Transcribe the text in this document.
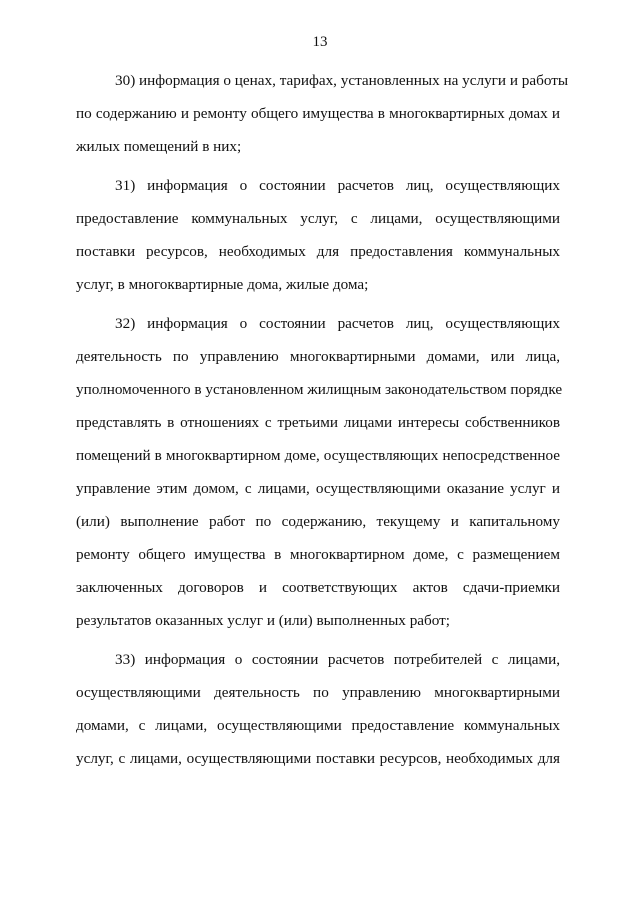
13
30) информация о ценах, тарифах, установленных на услуги и работы
по содержанию и ремонту общего имущества в многоквартирных домах и
жилых помещений в них;
31) информация о состоянии расчетов лиц, осуществляющих
предоставление коммунальных услуг, с лицами, осуществляющими
поставки ресурсов, необходимых для предоставления коммунальных
услуг, в многоквартирные дома, жилые дома;
32) информация о состоянии расчетов лиц, осуществляющих
деятельность по управлению многоквартирными домами, или лица,
уполномоченного в установленном жилищным законодательством порядке
представлять в отношениях с третьими лицами интересы собственников
помещений в многоквартирном доме, осуществляющих непосредственное
управление этим домом, с лицами, осуществляющими оказание услуг и
(или) выполнение работ по содержанию, текущему и капитальному
ремонту общего имущества в многоквартирном доме, с размещением
заключенных договоров и соответствующих актов сдачи-приемки
результатов оказанных услуг и (или) выполненных работ;
33) информация о состоянии расчетов потребителей с лицами,
осуществляющими деятельность по управлению многоквартирными
домами, с лицами, осуществляющими предоставление коммунальных
услуг, с лицами, осуществляющими поставки ресурсов, необходимых для
